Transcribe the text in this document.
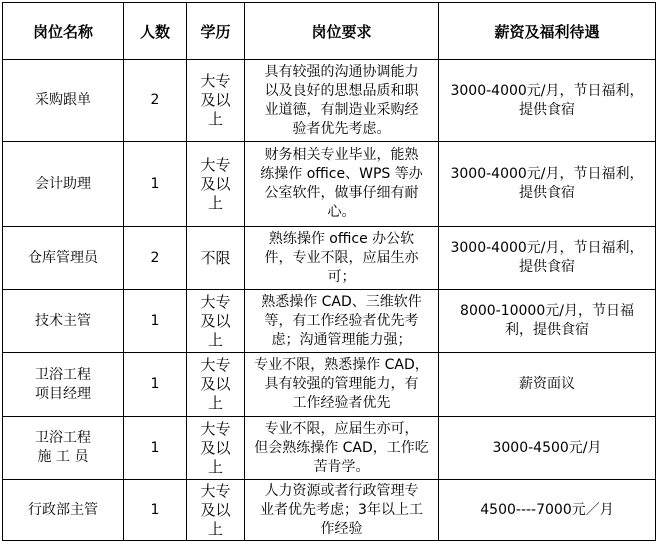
岗位名称	人数	学历	岗位要求	薪资及福利待遇
采购跟单	2	大专
及以
上	具有较强的沟通协调能力
以及良好的思想品质和职
业道德，有制造业采购经
验者优先考虑。	3000-4000元/月，节日福利，
提供食宿
会计助理	1	大专
及以
上	财务相关专业毕业，能熟
练操作 office、WPS 等办
公室软件，做事仔细有耐
心。	3000-4000元/月，节日福利，
提供食宿
仓库管理员	2	不限	熟练操作 office 办公软
件，专业不限，应届生亦
可；	3000-4000元/月，节日福利，
提供食宿
技术主管	1	大专
及以
上	熟悉操作 CAD、三维软件
等，有工作经验者优先考
虑；沟通管理能力强；	8000-10000元/月，节日福
利，提供食宿
卫浴工程
项目经理	1	大专
及以
上	专业不限，熟悉操作 CAD，
具有较强的管理能力，有
工作经验者优先	薪资面议
卫浴工程
施 工 员	1	大专
及以
上	专业不限，应届生亦可，
但会熟练操作 CAD，工作吃
苦肯学。	3000-4500元/月
行政部主管	1	大专
及以
上	人力资源或者行政管理专
业者优先考虑；3年以上工
作经验	4500----7000元／月
